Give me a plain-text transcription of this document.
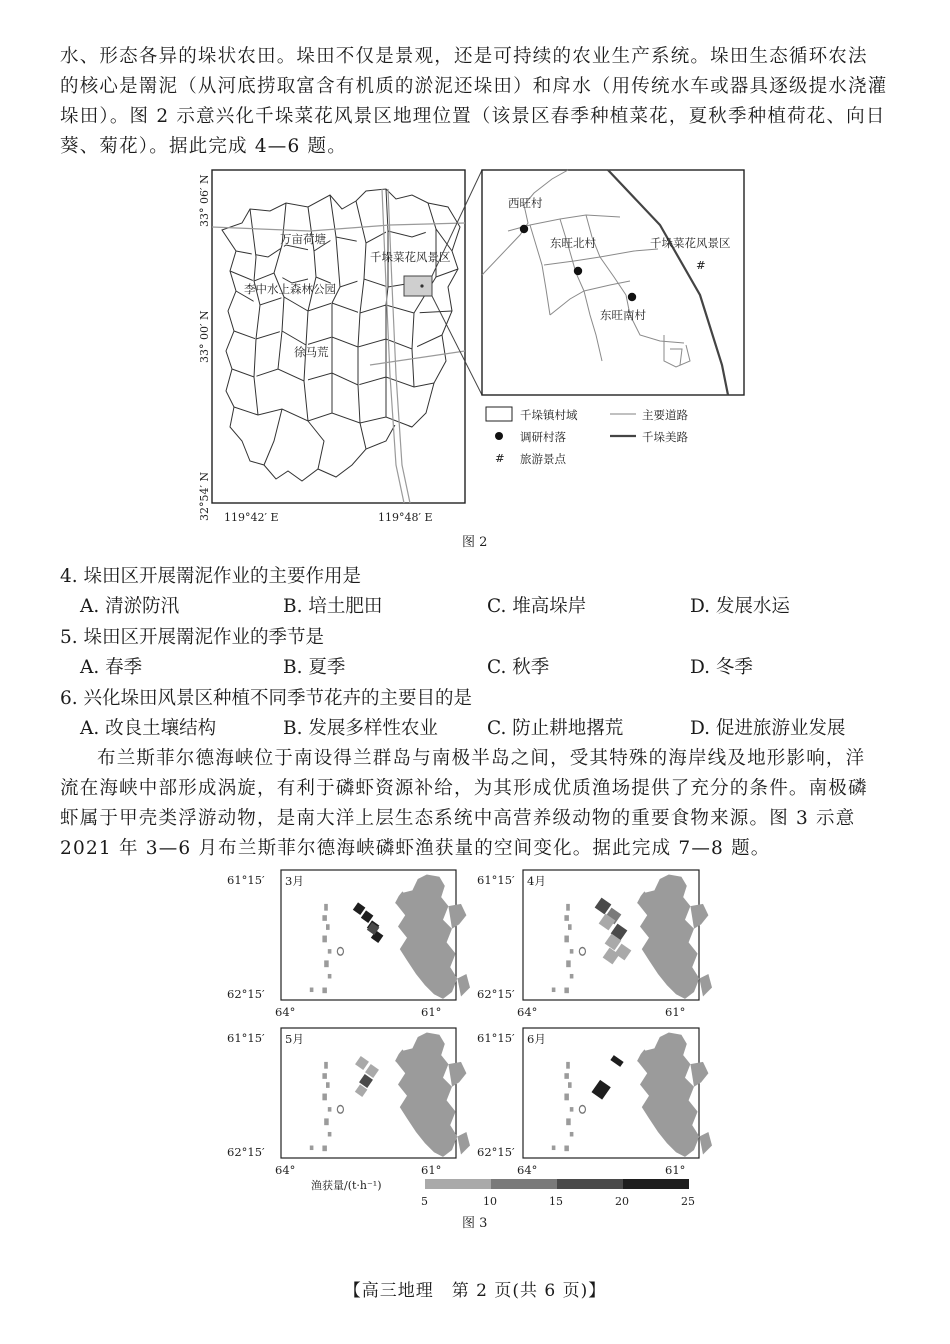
水、形态各异的垛状农田。垛田不仅是景观，还是可持续的农业生产系统。垛田生态循环农法
的核心是罱泥（从河底捞取富含有机质的淤泥还垛田）和戽水（用传统水车或器具逐级提水浇灌
垛田）。图 2 示意兴化千垛菜花风景区地理位置（该景区春季种植菜花，夏秋季种植荷花、向日
葵、菊花）。据此完成 4—6 题。
万亩荷塘
千垛菜花风景区
李中水上森林公园
徐马荒
33° 06′ N
33° 00′ N
32°54′ N 119°42′ E	119°48′ E
西旺村
东旺北村
东旺南村
千垛菜花风景区
#
千垛镇村域	主要道路
调研村落	千垛美路
# 旅游景点
图 2
4. 垛田区开展罱泥作业的主要作用是
A. 清淤防汛	B. 培土肥田	C. 堆高垛岸	D. 发展水运
5. 垛田区开展罱泥作业的季节是
A. 春季	B. 夏季	C. 秋季	D. 冬季
6. 兴化垛田风景区种植不同季节花卉的主要目的是
A. 改良土壤结构	B. 发展多样性农业	C. 防止耕地撂荒	D. 促进旅游业发展
布兰斯菲尔德海峡位于南设得兰群岛与南极半岛之间，受其特殊的海岸线及地形影响，洋
流在海峡中部形成涡旋，有利于磷虾资源补给，为其形成优质渔场提供了充分的条件。南极磷
虾属于甲壳类浮游动物，是南大洋上层生态系统中高营养级动物的重要食物来源。图 3 示意
2021 年 3—6 月布兰斯菲尔德海峡磷虾渔获量的空间变化。据此完成 7—8 题。
3月
61°15′
62°15′
64°	61°
4月
61°15′
62°15′
64°	61°
5月
61°15′
62°15′
64°	61°
6月
61°15′
62°15′
64°	61°
渔获量/(t·h⁻¹)
5	10	15	20	25
图 3
【高三地理　第 2 页(共 6 页)】
